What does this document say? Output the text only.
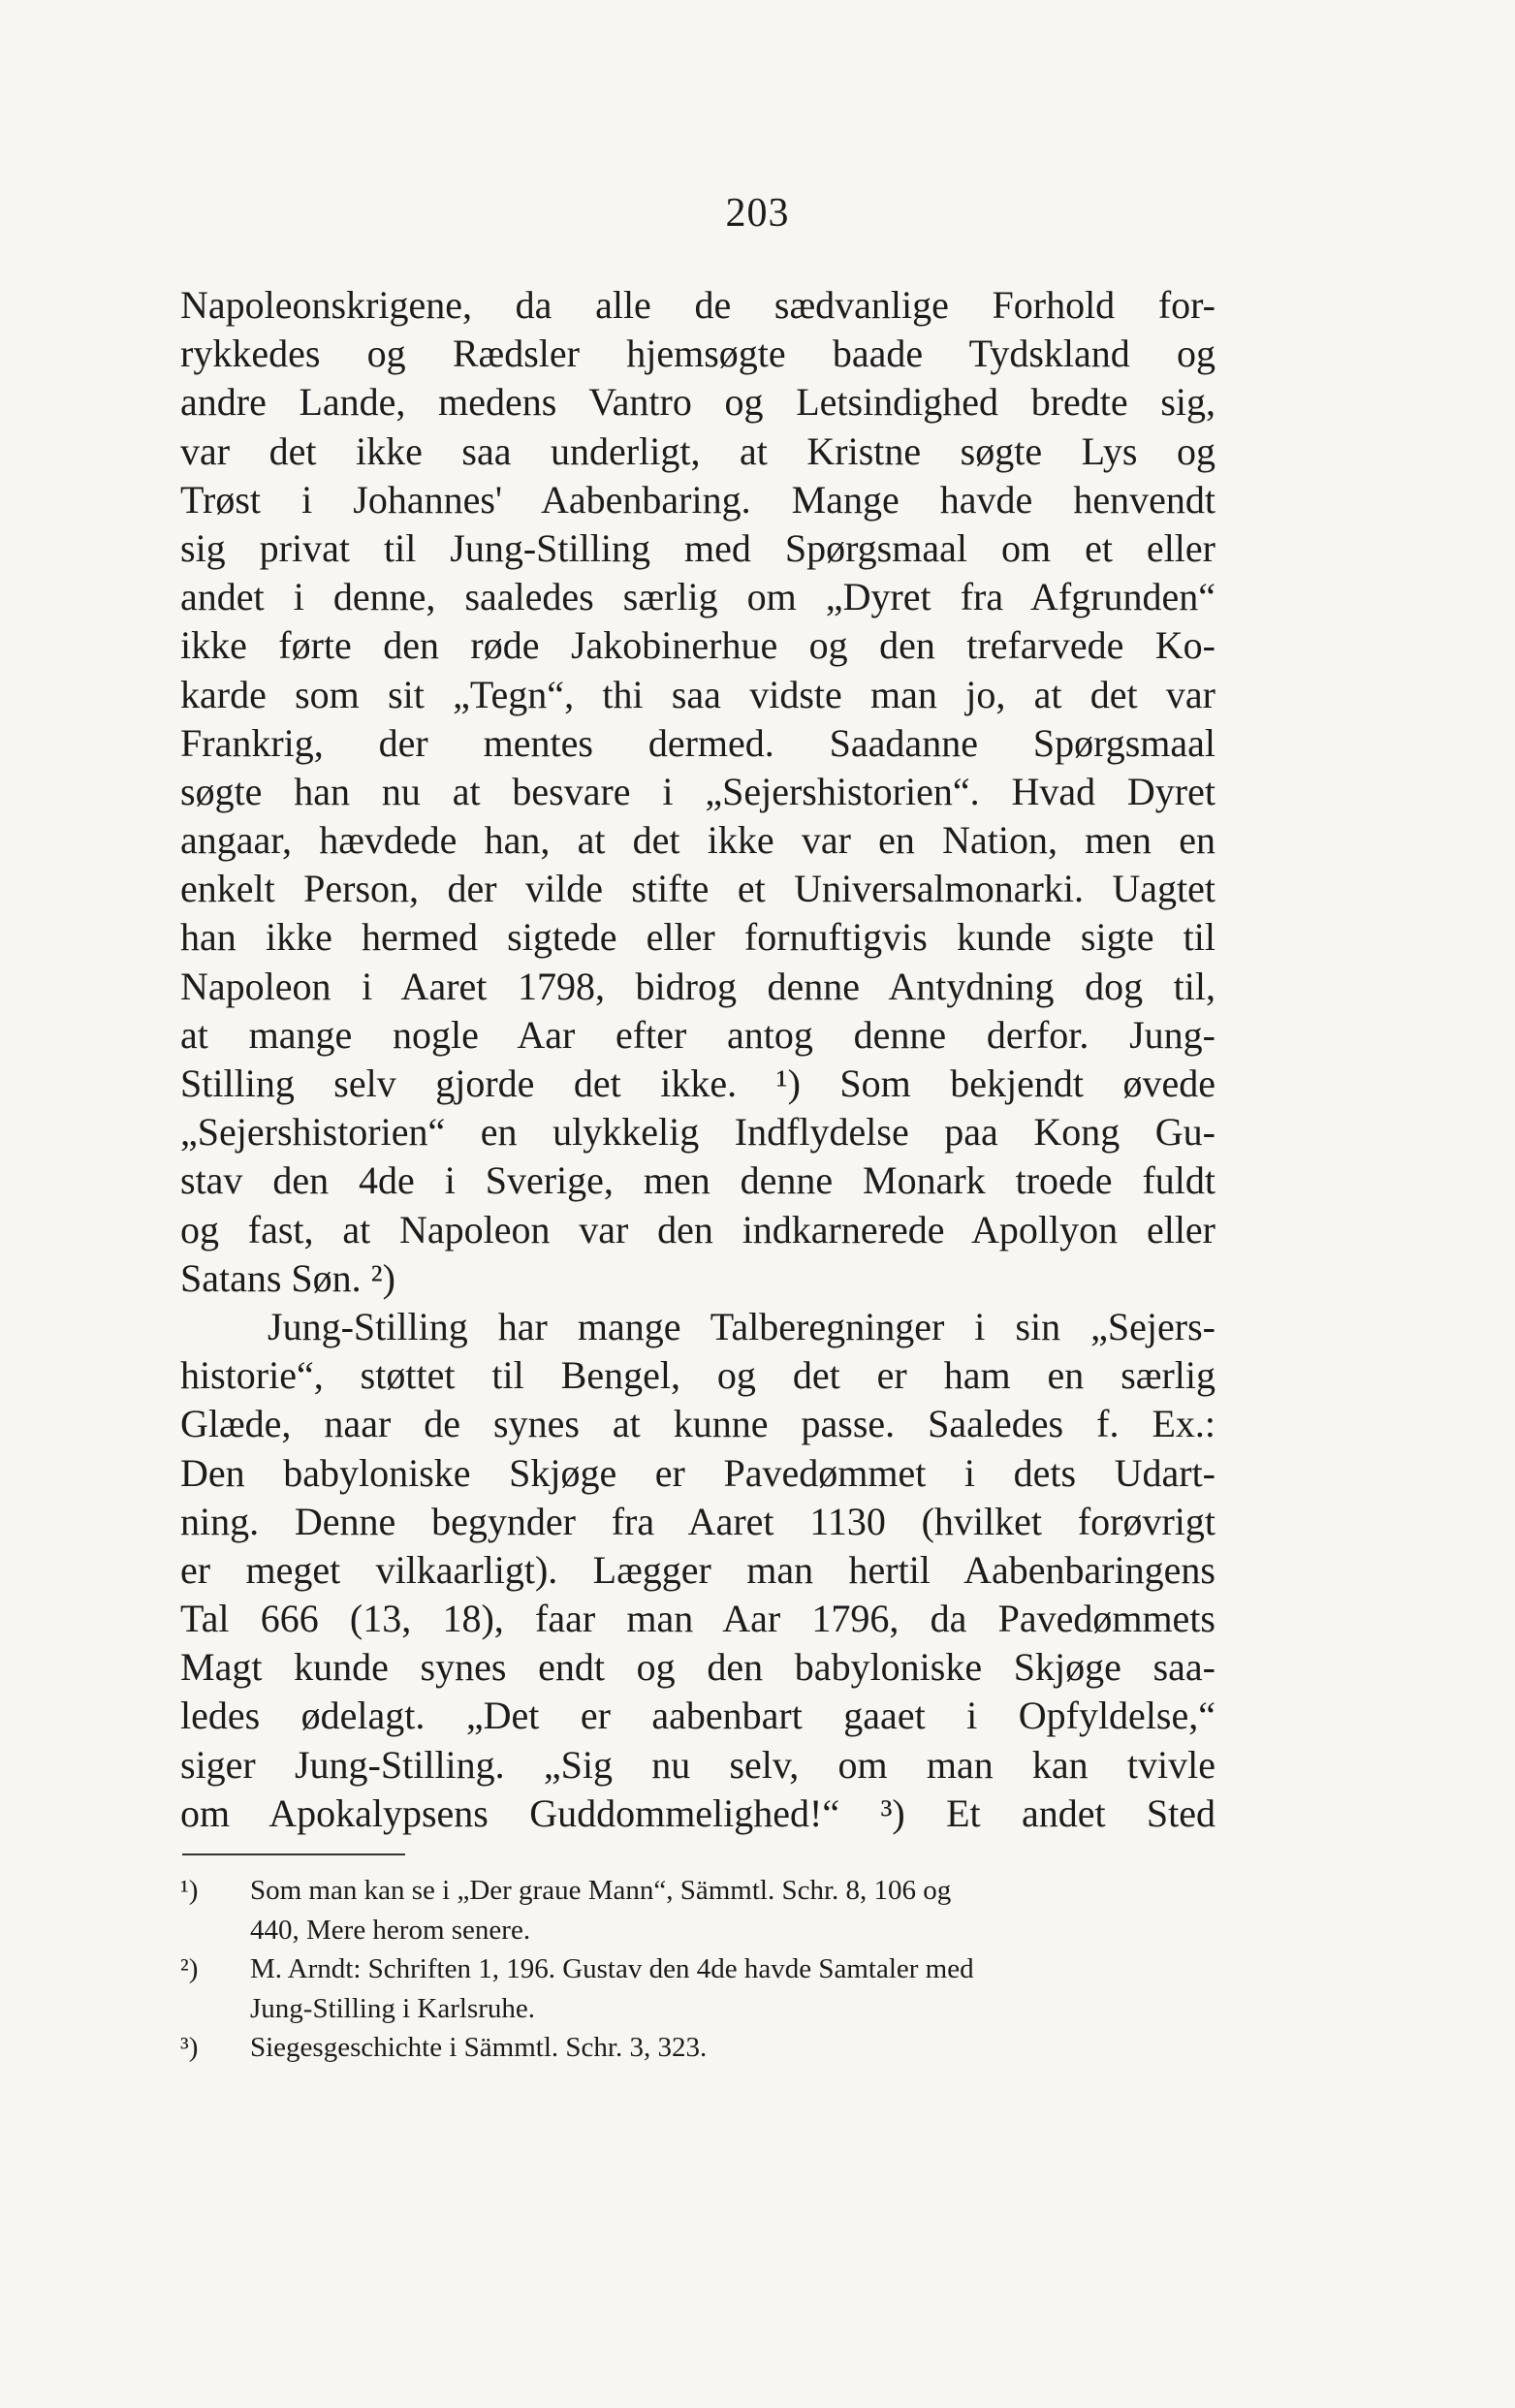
203
Napoleonskrigene, da alle de sædvanlige Forhold for-
rykkedes og Rædsler hjemsøgte baade Tydskland og
andre Lande, medens Vantro og Letsindighed bredte sig,
var det ikke saa underligt, at Kristne søgte Lys og
Trøst i Johannes' Aabenbaring. Mange havde henvendt
sig privat til Jung-Stilling med Spørgsmaal om et eller
andet i denne, saaledes særlig om „Dyret fra Afgrunden“
ikke førte den røde Jakobinerhue og den trefarvede Ko-
karde som sit „Tegn“, thi saa vidste man jo, at det var
Frankrig, der mentes dermed. Saadanne Spørgsmaal
søgte han nu at besvare i „Sejershistorien“. Hvad Dyret
angaar, hævdede han, at det ikke var en Nation, men en
enkelt Person, der vilde stifte et Universalmonarki. Uagtet
han ikke hermed sigtede eller fornuftigvis kunde sigte til
Napoleon i Aaret 1798, bidrog denne Antydning dog til,
at mange nogle Aar efter antog denne derfor. Jung-
Stilling selv gjorde det ikke. ¹) Som bekjendt øvede
„Sejershistorien“ en ulykkelig Indflydelse paa Kong Gu-
stav den 4de i Sverige, men denne Monark troede fuldt
og fast, at Napoleon var den indkarnerede Apollyon eller
Satans Søn. ²)
Jung-Stilling har mange Talberegninger i sin „Sejers-
historie“, støttet til Bengel, og det er ham en særlig
Glæde, naar de synes at kunne passe. Saaledes f. Ex.:
Den babyloniske Skjøge er Pavedømmet i dets Udart-
ning. Denne begynder fra Aaret 1130 (hvilket forøvrigt
er meget vilkaarligt). Lægger man hertil Aabenbaringens
Tal 666 (13, 18), faar man Aar 1796, da Pavedømmets
Magt kunde synes endt og den babyloniske Skjøge saa-
ledes ødelagt. „Det er aabenbart gaaet i Opfyldelse,“
siger Jung-Stilling. „Sig nu selv, om man kan tvivle
om Apokalypsens Guddommelighed!“ ³) Et andet Sted
¹) Som man kan se i „Der graue Mann“, Sämmtl. Schr. 8, 106 og
440, Mere herom senere.
²) M. Arndt: Schriften 1, 196. Gustav den 4de havde Samtaler med
Jung-Stilling i Karlsruhe.
³) Siegesgeschichte i Sämmtl. Schr. 3, 323.
